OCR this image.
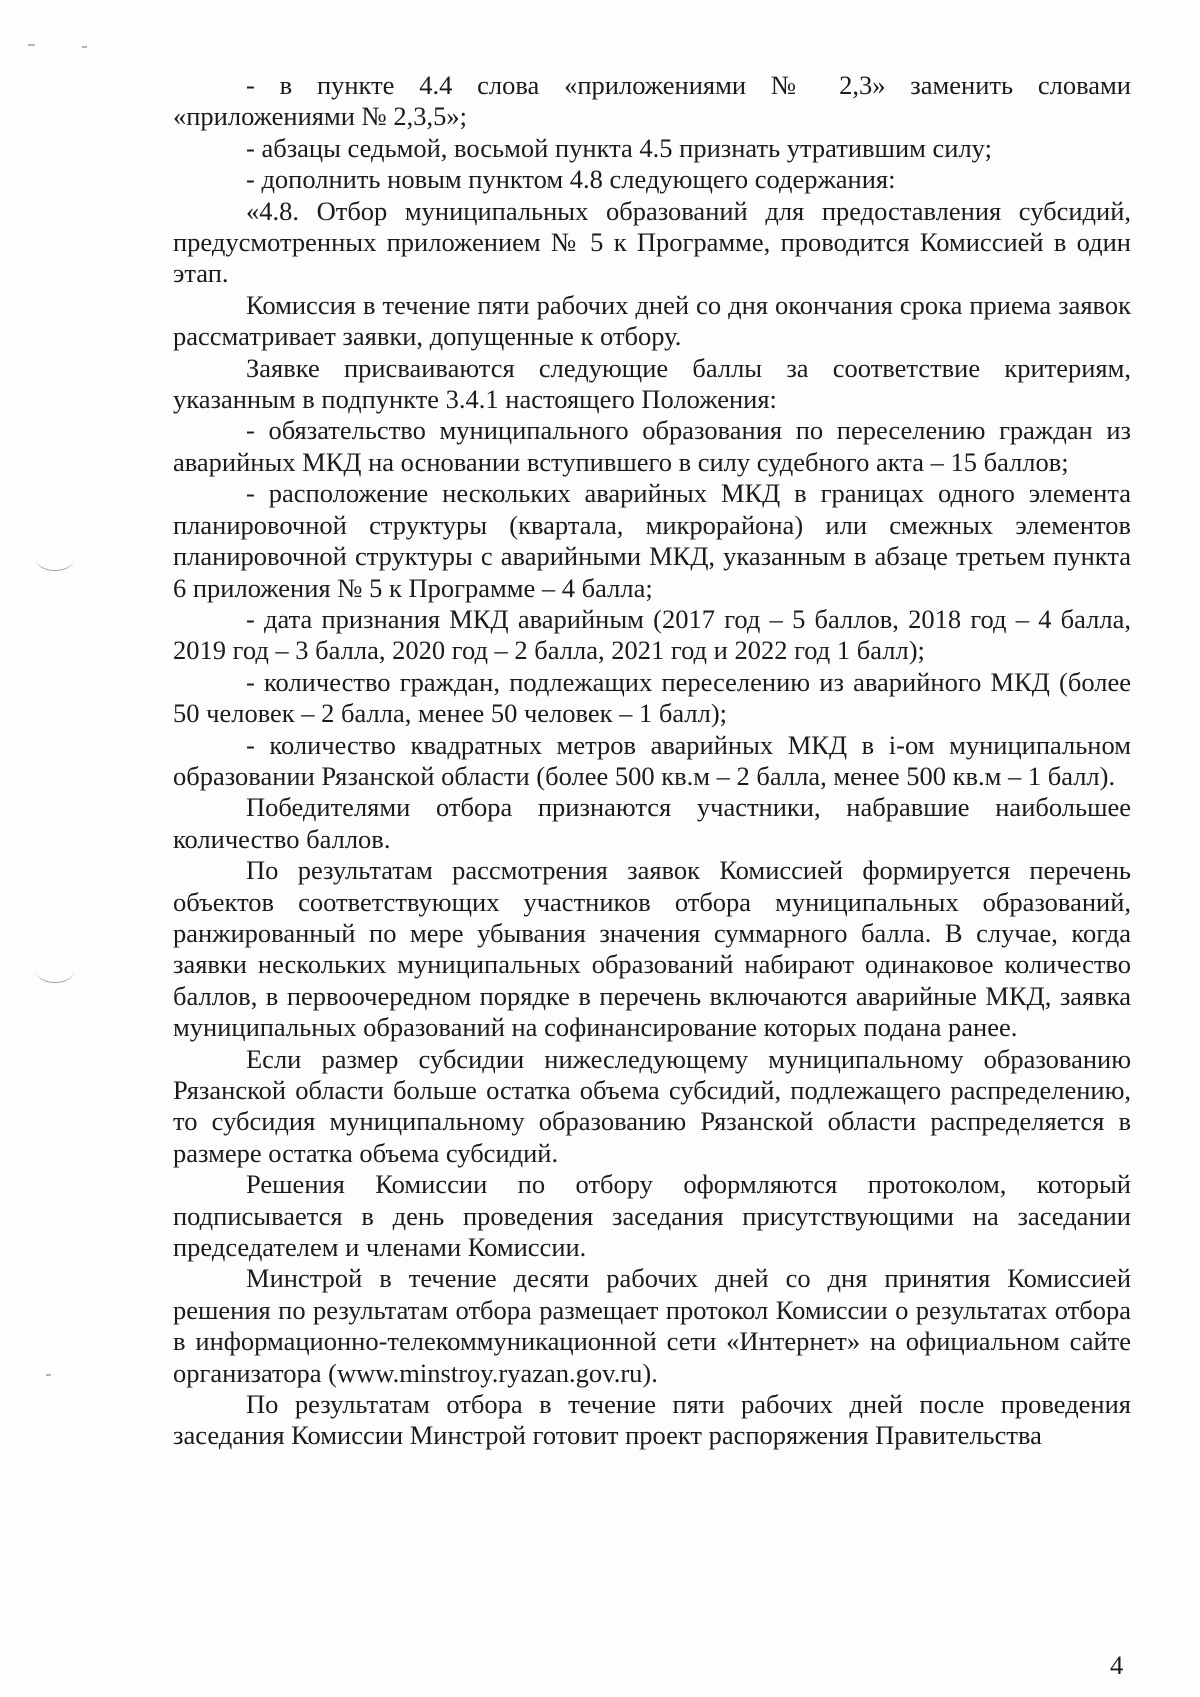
- в пункте 4.4 слова «приложениями № 2,3» заменить словами «приложениями № 2,3,5»;

- абзацы седьмой, восьмой пункта 4.5 признать утратившим силу;

- дополнить новым пунктом 4.8 следующего содержания:

«4.8. Отбор муниципальных образований для предоставления субсидий, предусмотренных приложением № 5 к Программе, проводится Комиссией в один этап.

Комиссия в течение пяти рабочих дней со дня окончания срока приема заявок рассматривает заявки, допущенные к отбору.

Заявке присваиваются следующие баллы за соответствие критериям, указанным в подпункте 3.4.1 настоящего Положения:

- обязательство муниципального образования по переселению граждан из аварийных МКД на основании вступившего в силу судебного акта – 15 баллов;

- расположение нескольких аварийных МКД в границах одного элемента планировочной структуры (квартала, микрорайона) или смежных элементов планировочной структуры с аварийными МКД, указанным в абзаце третьем пункта 6 приложения № 5 к Программе – 4 балла;

- дата признания МКД аварийным (2017 год – 5 баллов, 2018 год – 4 балла, 2019 год – 3 балла, 2020 год – 2 балла, 2021 год и 2022 год 1 балл);

- количество граждан, подлежащих переселению из аварийного МКД (более 50 человек – 2 балла, менее 50 человек – 1 балл);

- количество квадратных метров аварийных МКД в i-ом муниципальном образовании Рязанской области (более 500 кв.м – 2 балла, менее 500 кв.м – 1 балл).

Победителями отбора признаются участники, набравшие наибольшее количество баллов.

По результатам рассмотрения заявок Комиссией формируется перечень объектов соответствующих участников отбора муниципальных образований, ранжированный по мере убывания значения суммарного балла. В случае, когда заявки нескольких муниципальных образований набирают одинаковое количество баллов, в первоочередном порядке в перечень включаются аварийные МКД, заявка муниципальных образований на софинансирование которых подана ранее.

Если размер субсидии нижеследующему муниципальному образованию Рязанской области больше остатка объема субсидий, подлежащего распределению, то субсидия муниципальному образованию Рязанской области распределяется в размере остатка объема субсидий.

Решения Комиссии по отбору оформляются протоколом, который подписывается в день проведения заседания присутствующими на заседании председателем и членами Комиссии.

Минстрой в течение десяти рабочих дней со дня принятия Комиссией решения по результатам отбора размещает протокол Комиссии о результатах отбора в информационно-телекоммуникационной сети «Интернет» на официальном сайте организатора (www.minstroy.ryazan.gov.ru).

По результатам отбора в течение пяти рабочих дней после проведения заседания Комиссии Минстрой готовит проект распоряжения Правительства

4
